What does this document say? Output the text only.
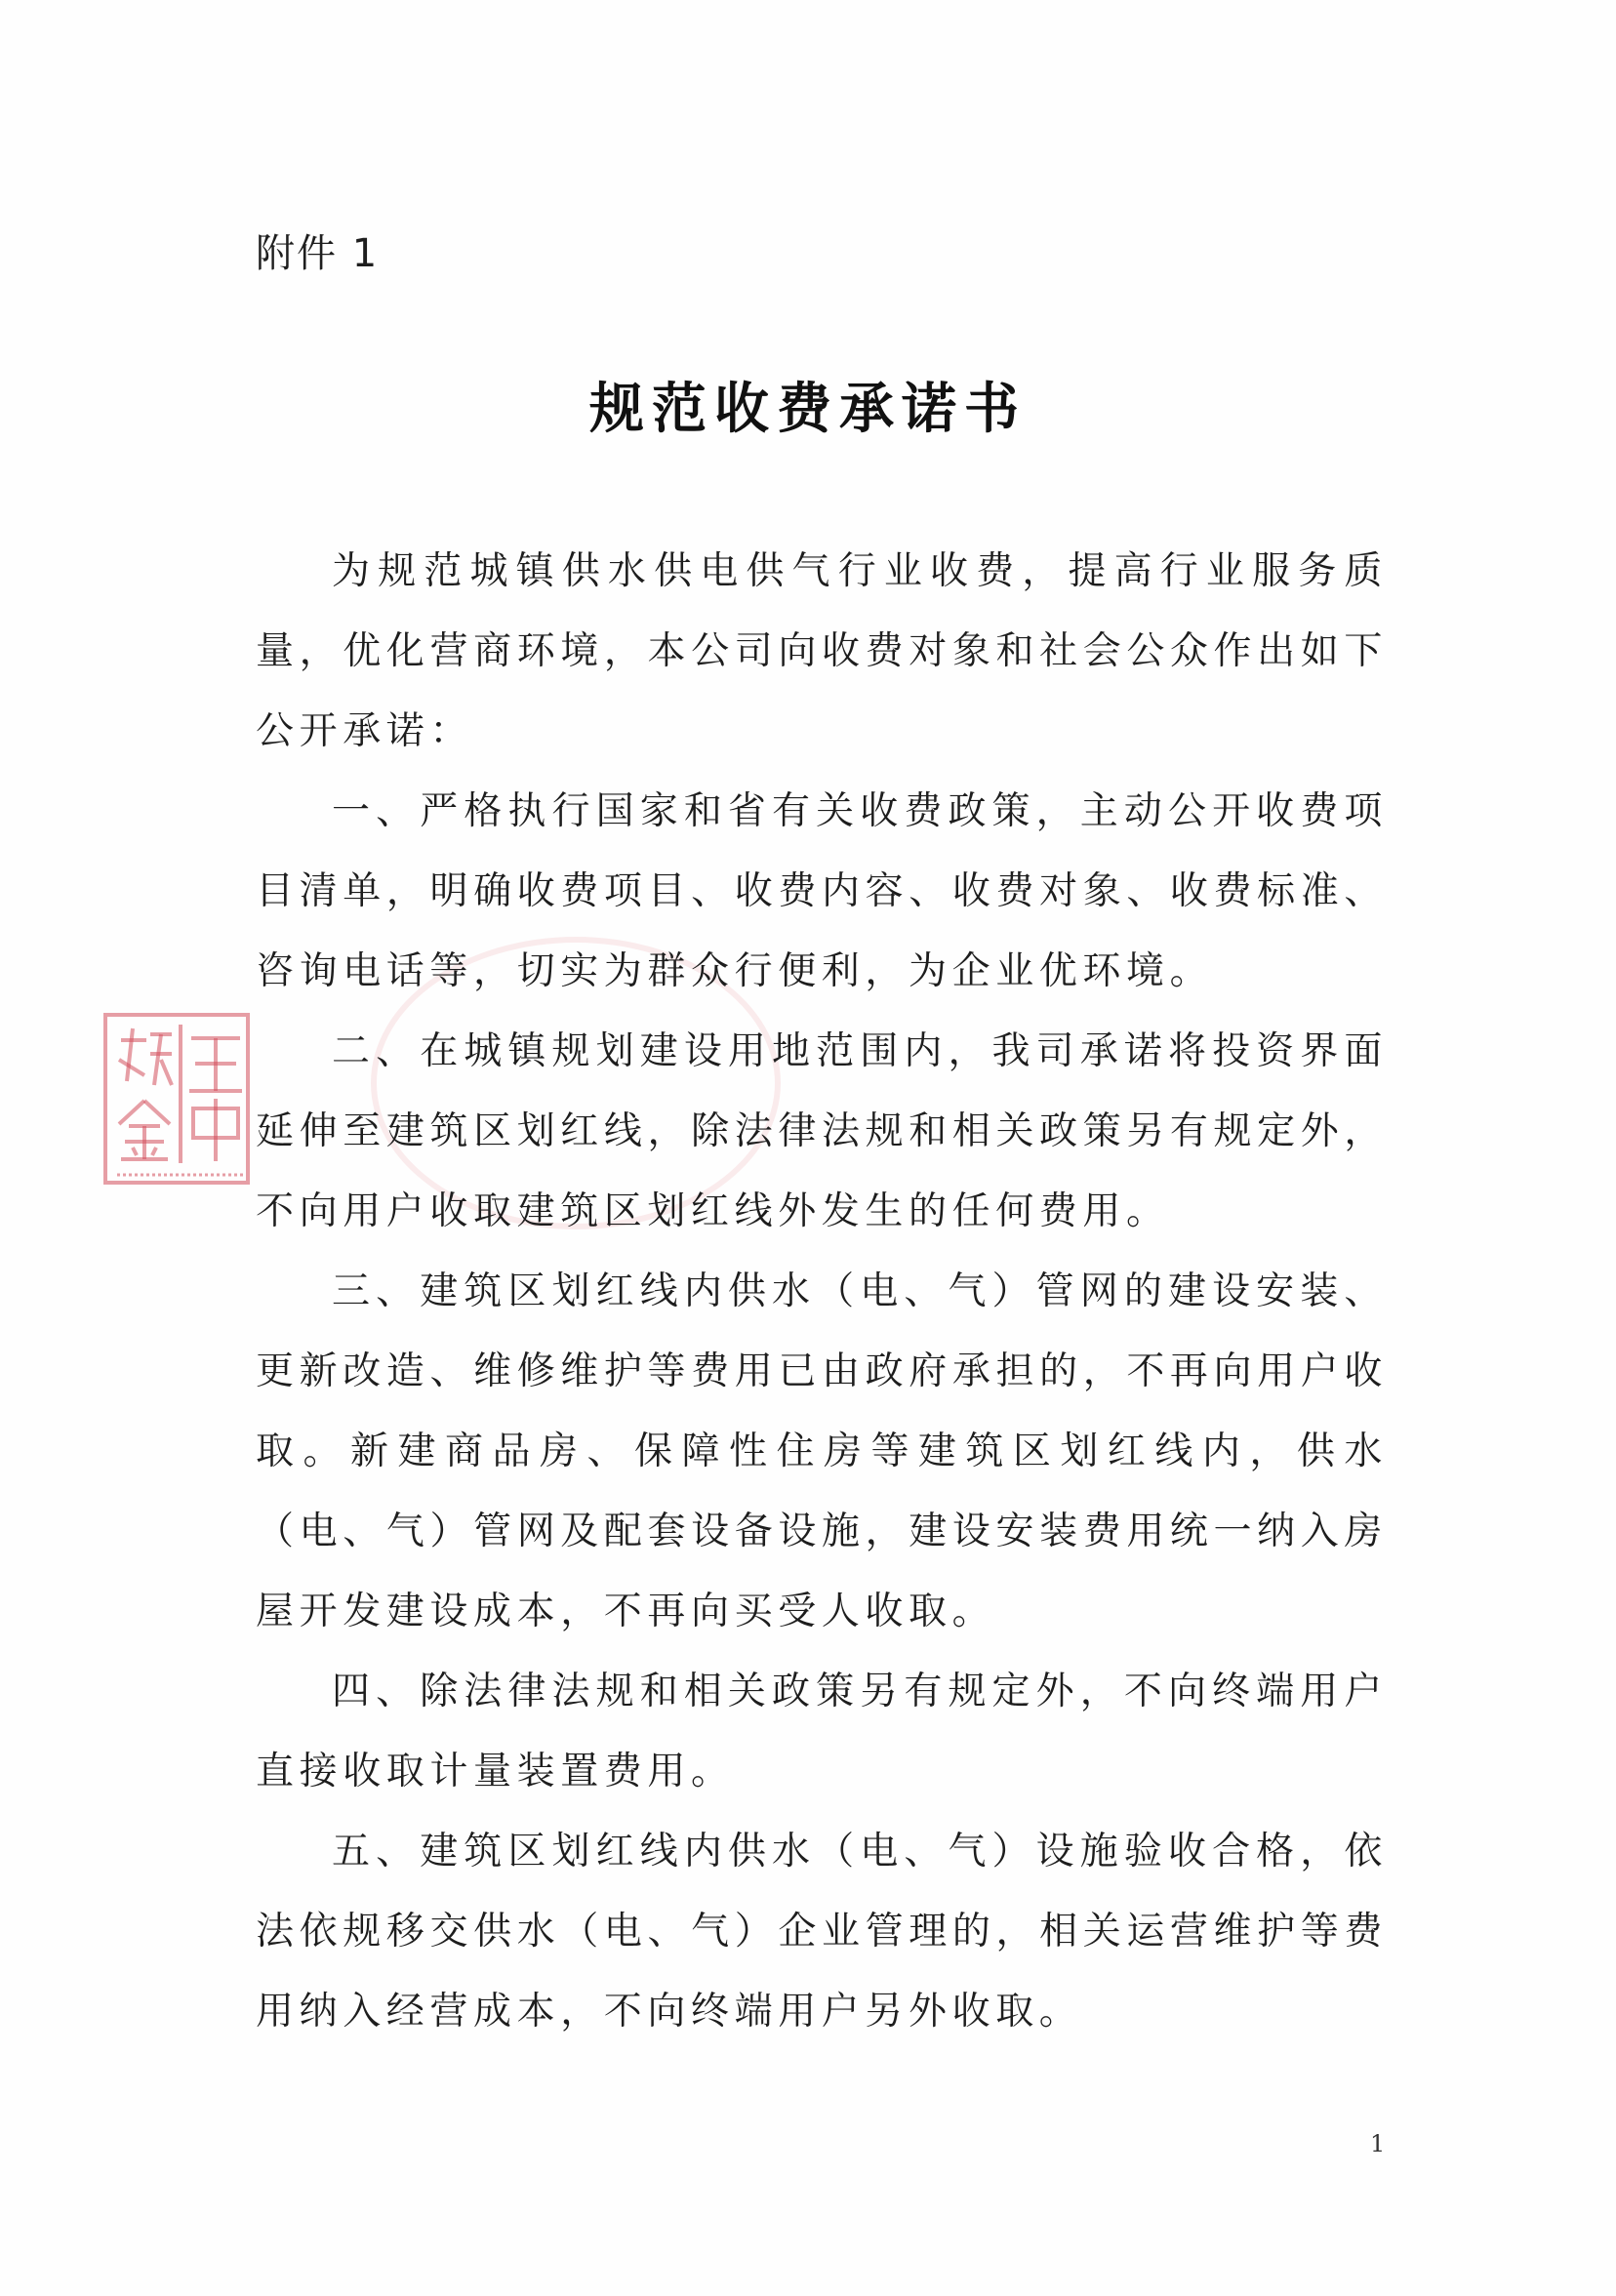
附件 1
规范收费承诺书

为规范城镇供水供电供气行业收费，提高行业服务质量，优化营商环境，本公司向收费对象和社会公众作出如下公开承诺：

一、严格执行国家和省有关收费政策，主动公开收费项目清单，明确收费项目、收费内容、收费对象、收费标准、咨询电话等，切实为群众行便利，为企业优环境。

二、在城镇规划建设用地范围内，我司承诺将投资界面延伸至建筑区划红线，除法律法规和相关政策另有规定外，不向用户收取建筑区划红线外发生的任何费用。

三、建筑区划红线内供水（电、气）管网的建设安装、更新改造、维修维护等费用已由政府承担的，不再向用户收取。新建商品房、保障性住房等建筑区划红线内，供水（电、气）管网及配套设备设施，建设安装费用统一纳入房屋开发建设成本，不再向买受人收取。

四、除法律法规和相关政策另有规定外，不向终端用户直接收取计量装置费用。

五、建筑区划红线内供水（电、气）设施验收合格，依法依规移交供水（电、气）企业管理的，相关运营维护等费用纳入经营成本，不向终端用户另外收取。

1
